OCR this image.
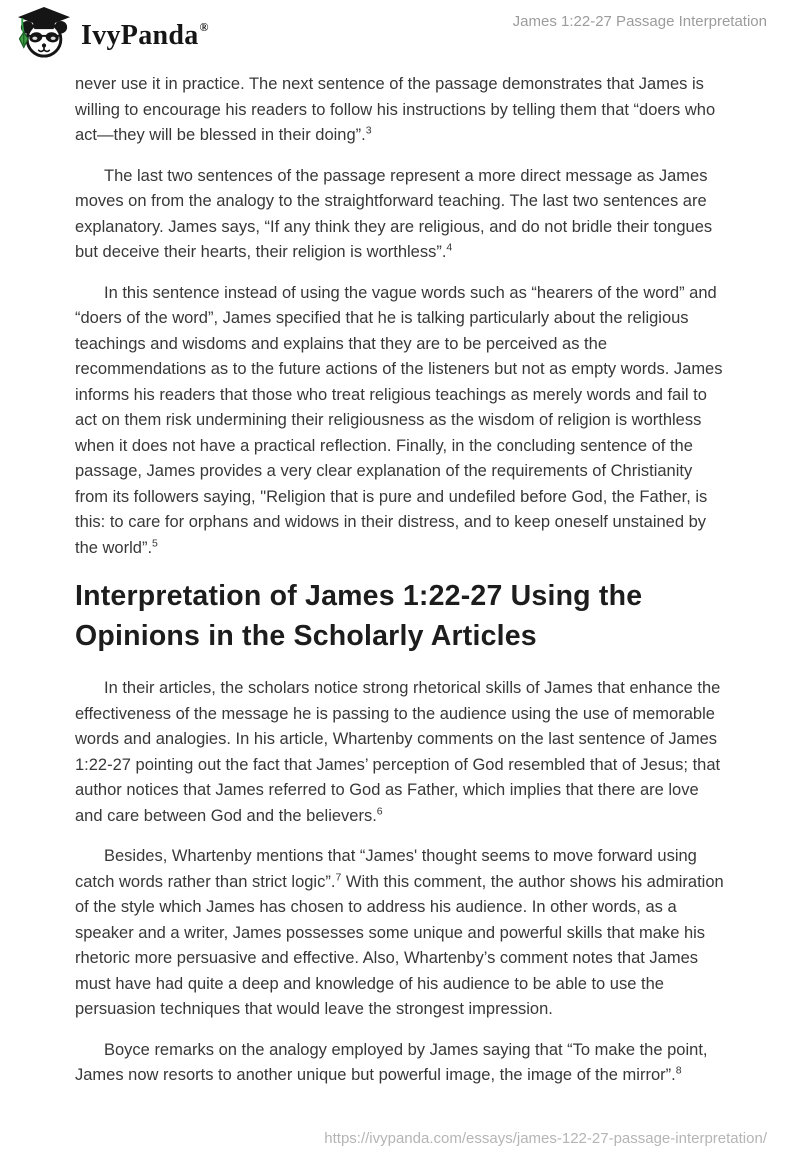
IvyPanda®	James 1:22-27 Passage Interpretation

never use it in practice. The next sentence of the passage demonstrates that James is willing to encourage his readers to follow his instructions by telling them that “doers who act—they will be blessed in their doing”.$^3$

The last two sentences of the passage represent a more direct message as James moves on from the analogy to the straightforward teaching. The last two sentences are explanatory. James says, “If any think they are religious, and do not bridle their tongues but deceive their hearts, their religion is worthless”.$^4$

In this sentence instead of using the vague words such as “hearers of the word” and “doers of the word”, James specified that he is talking particularly about the religious teachings and wisdoms and explains that they are to be perceived as the recommendations as to the future actions of the listeners but not as empty words. James informs his readers that those who treat religious teachings as merely words and fail to act on them risk undermining their religiousness as the wisdom of religion is worthless when it does not have a practical reflection. Finally, in the concluding sentence of the passage, James provides a very clear explanation of the requirements of Christianity from its followers saying, "Religion that is pure and undefiled before God, the Father, is this: to care for orphans and widows in their distress, and to keep oneself unstained by the world”.$^5$

Interpretation of James 1:22-27 Using the Opinions in the Scholarly Articles

In their articles, the scholars notice strong rhetorical skills of James that enhance the effectiveness of the message he is passing to the audience using the use of memorable words and analogies. In his article, Whartenby comments on the last sentence of James 1:22-27 pointing out the fact that James’ perception of God resembled that of Jesus; that author notices that James referred to God as Father, which implies that there are love and care between God and the believers.$^6$

Besides, Whartenby mentions that “James' thought seems to move forward using catch words rather than strict logic”.$^7$ With this comment, the author shows his admiration of the style which James has chosen to address his audience. In other words, as a speaker and a writer, James possesses some unique and powerful skills that make his rhetoric more persuasive and effective. Also, Whartenby’s comment notes that James must have had quite a deep and knowledge of his audience to be able to use the persuasion techniques that would leave the strongest impression.

Boyce remarks on the analogy employed by James saying that “To make the point, James now resorts to another unique but powerful image, the image of the mirror”.$^8$

https://ivypanda.com/essays/james-122-27-passage-interpretation/
